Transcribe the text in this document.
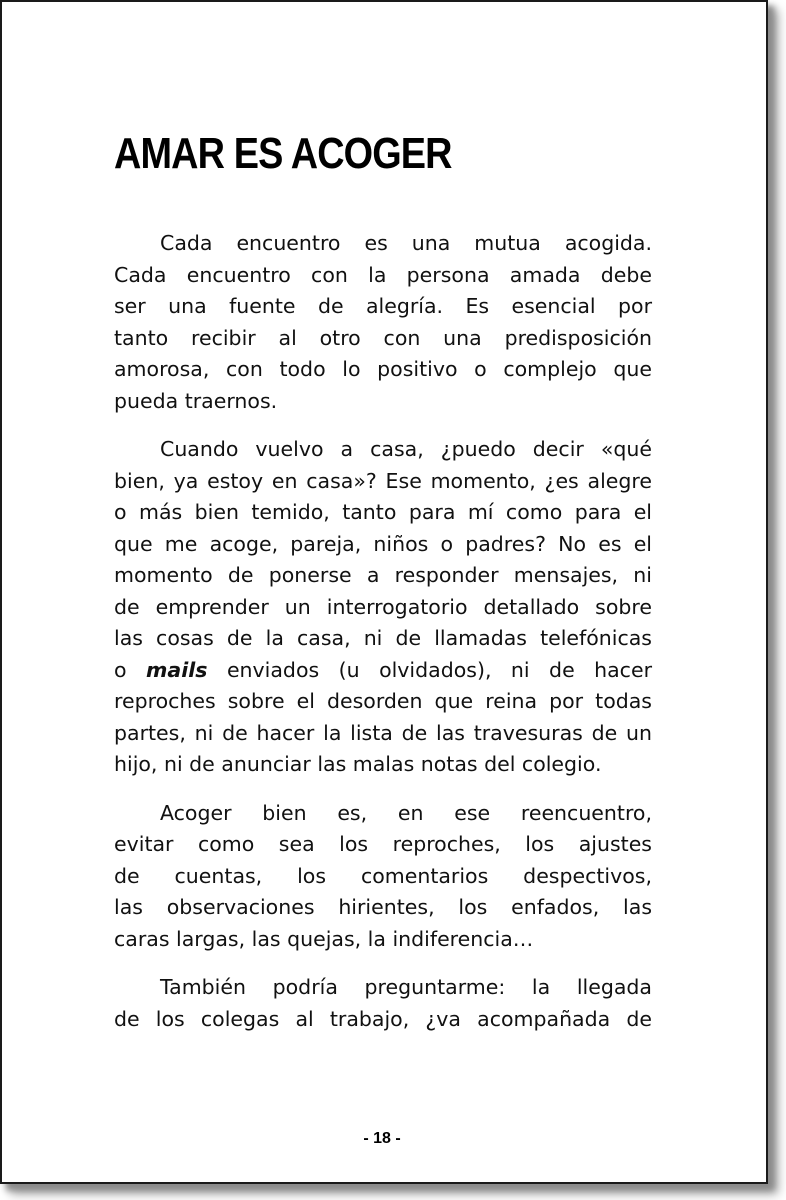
AMAR ES ACOGER

Cada encuentro es una mutua acogida.
Cada encuentro con la persona amada debe
ser una fuente de alegría. Es esencial por
tanto recibir al otro con una predisposición
amorosa, con todo lo positivo o complejo que
pueda traernos.

Cuando vuelvo a casa, ¿puedo decir «qué
bien, ya estoy en casa»? Ese momento, ¿es alegre
o más bien temido, tanto para mí como para el
que me acoge, pareja, niños o padres? No es el
momento de ponerse a responder mensajes, ni
de emprender un interrogatorio detallado sobre
las cosas de la casa, ni de llamadas telefónicas
o mails enviados (u olvidados), ni de hacer
reproches sobre el desorden que reina por todas
partes, ni de hacer la lista de las travesuras de un
hijo, ni de anunciar las malas notas del colegio.

Acoger bien es, en ese reencuentro,
evitar como sea los reproches, los ajustes
de cuentas, los comentarios despectivos,
las observaciones hirientes, los enfados, las
caras largas, las quejas, la indiferencia…

También podría preguntarme: la llegada
de los colegas al trabajo, ¿va acompañada de

- 18 -
